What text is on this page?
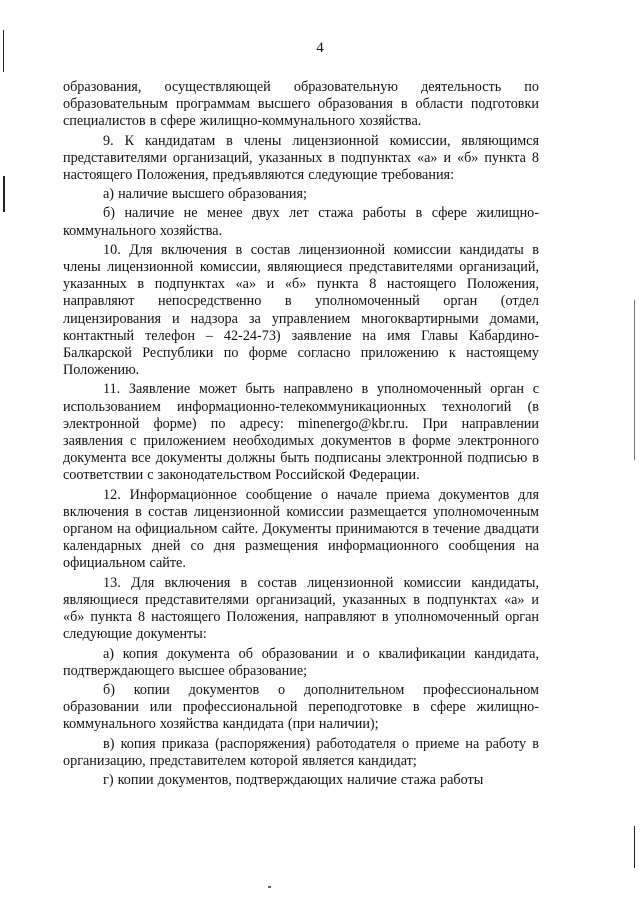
4

образования, осуществляющей образовательную деятельность по образовательным программам высшего образования в области подготовки специалистов в сфере жилищно-коммунального хозяйства.

9. К кандидатам в члены лицензионной комиссии, являющимся представителями организаций, указанных в подпунктах «а» и «б» пункта 8 настоящего Положения, предъявляются следующие требования:

а) наличие высшего образования;

б) наличие не менее двух лет стажа работы в сфере жилищно-коммунального хозяйства.

10. Для включения в состав лицензионной комиссии кандидаты в члены лицензионной комиссии, являющиеся представителями организаций, указанных в подпунктах «а» и «б» пункта 8 настоящего Положения, направляют непосредственно в уполномоченный орган (отдел лицензирования и надзора за управлением многоквартирными домами, контактный телефон – 42-24-73) заявление на имя Главы Кабардино-Балкарской Республики по форме согласно приложению к настоящему Положению.

11. Заявление может быть направлено в уполномоченный орган с использованием информационно-телекоммуникационных технологий (в электронной форме) по адресу: minenergo@kbr.ru. При направлении заявления с приложением необходимых документов в форме электронного документа все документы должны быть подписаны электронной подписью в соответствии с законодательством Российской Федерации.

12. Информационное сообщение о начале приема документов для включения в состав лицензионной комиссии размещается уполномоченным органом на официальном сайте. Документы принимаются в течение двадцати календарных дней со дня размещения информационного сообщения на официальном сайте.

13. Для включения в состав лицензионной комиссии кандидаты, являющиеся представителями организаций, указанных в подпунктах «а» и «б» пункта 8 настоящего Положения, направляют в уполномоченный орган следующие документы:

а) копия документа об образовании и о квалификации кандидата, подтверждающего высшее образование;

б) копии документов о дополнительном профессиональном образовании или профессиональной переподготовке в сфере жилищно-коммунального хозяйства кандидата (при наличии);

в) копия приказа (распоряжения) работодателя о приеме на работу в организацию, представителем которой является кандидат;

г) копии документов, подтверждающих наличие стажа работы
